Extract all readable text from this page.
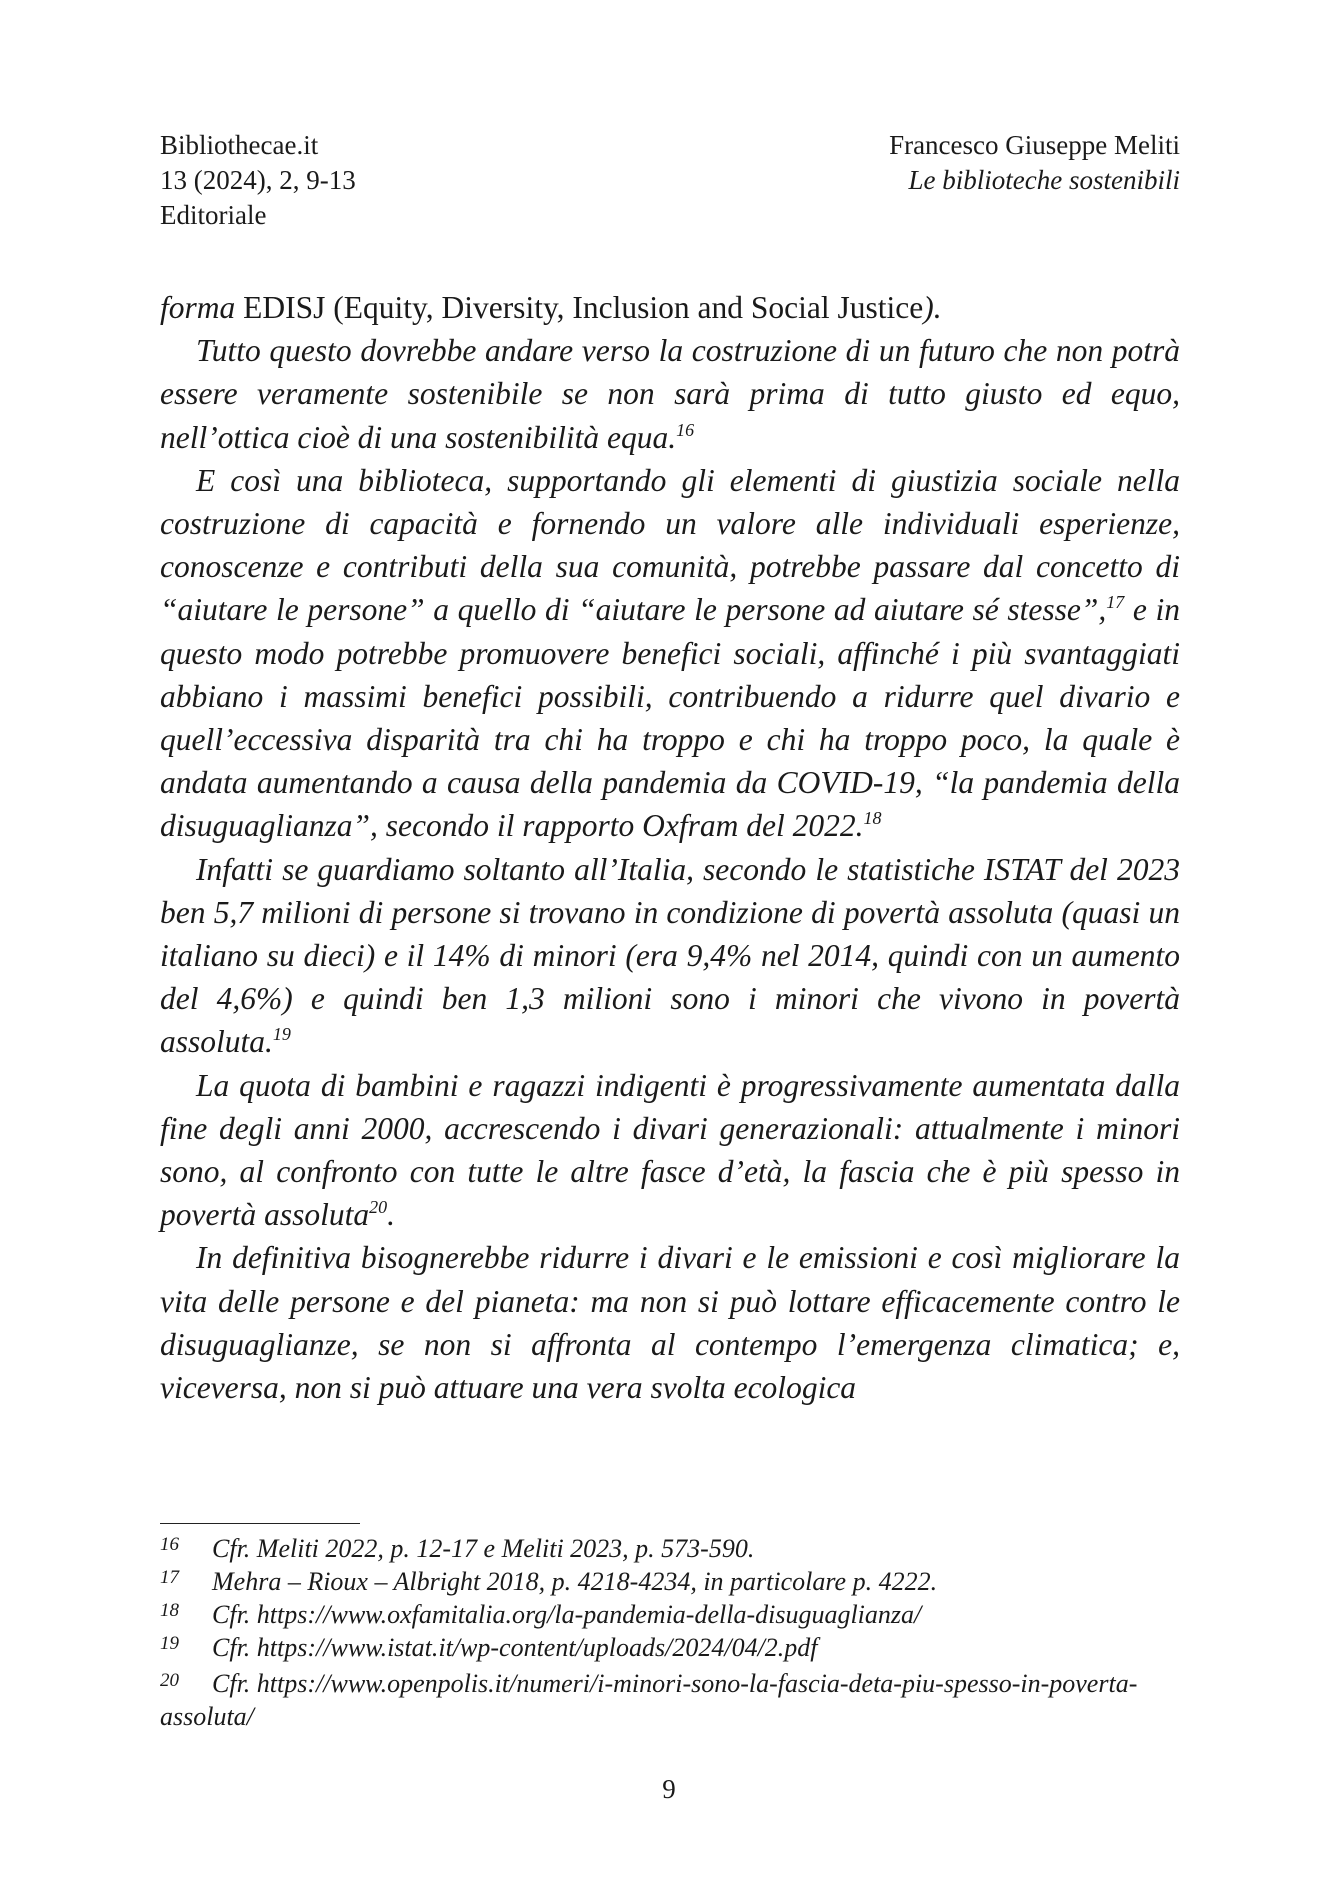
Bibliothecae.it
13 (2024), 2, 9-13
Editoriale
Francesco Giuseppe Meliti
Le biblioteche sostenibili

forma EDISJ (Equity, Diversity, Inclusion and Social Justice).

Tutto questo dovrebbe andare verso la costruzione di un futuro che non potrà essere veramente sostenibile se non sarà prima di tutto giusto ed equo, nell’ottica cioè di una sostenibilità equa.$^{16}$

E così una biblioteca, supportando gli elementi di giustizia sociale nella costruzione di capacità e fornendo un valore alle individuali esperienze, conoscenze e contributi della sua comunità, potrebbe passare dal concetto di “aiutare le persone” a quello di “aiutare le persone ad aiutare sé stesse”,$^{17}$ e in questo modo potrebbe promuovere benefici sociali, affinché i più svantaggiati abbiano i massimi benefici possibili, contribuendo a ridurre quel divario e quell’eccessiva disparità tra chi ha troppo e chi ha troppo poco, la quale è andata aumentando a causa della pandemia da COVID-19, “la pandemia della disuguaglianza”, secondo il rapporto Oxfram del 2022.18

Infatti se guardiamo soltanto all’Italia, secondo le statistiche ISTAT del 2023 ben 5,7 milioni di persone si trovano in condizione di povertà assoluta (quasi un italiano su dieci) e il 14% di minori (era 9,4% nel 2014, quindi con un aumento del 4,6%) e quindi ben 1,3 milioni sono i minori che vivono in povertà assoluta.$^{19}$

La quota di bambini e ragazzi indigenti è progressivamente aumentata dalla fine degli anni 2000, accrescendo i divari generazionali: attualmente i minori sono, al confronto con tutte le altre fasce d’età, la fascia che è più spesso in povertà assoluta$^{20}$.

In definitiva bisognerebbe ridurre i divari e le emissioni e così migliorare la vita delle persone e del pianeta: ma non si può lottare efficacemente contro le disuguaglianze, se non si affronta al contempo l’emergenza climatica; e, viceversa, non si può attuare una vera svolta ecologica

16 Cfr. Meliti 2022, p. 12-17 e Meliti 2023, p. 573-590.
17 Mehra – Rioux – Albright 2018, p. 4218-4234, in particolare p. 4222.
18 Cfr. https://www.oxfamitalia.org/la-pandemia-della-disuguaglianza/
19 Cfr. https://www.istat.it/wp-content/uploads/2024/04/2.pdf
20 Cfr. https://www.openpolis.it/numeri/i-minori-sono-la-fascia-deta-piu-spesso-in-poverta-assoluta/
9
